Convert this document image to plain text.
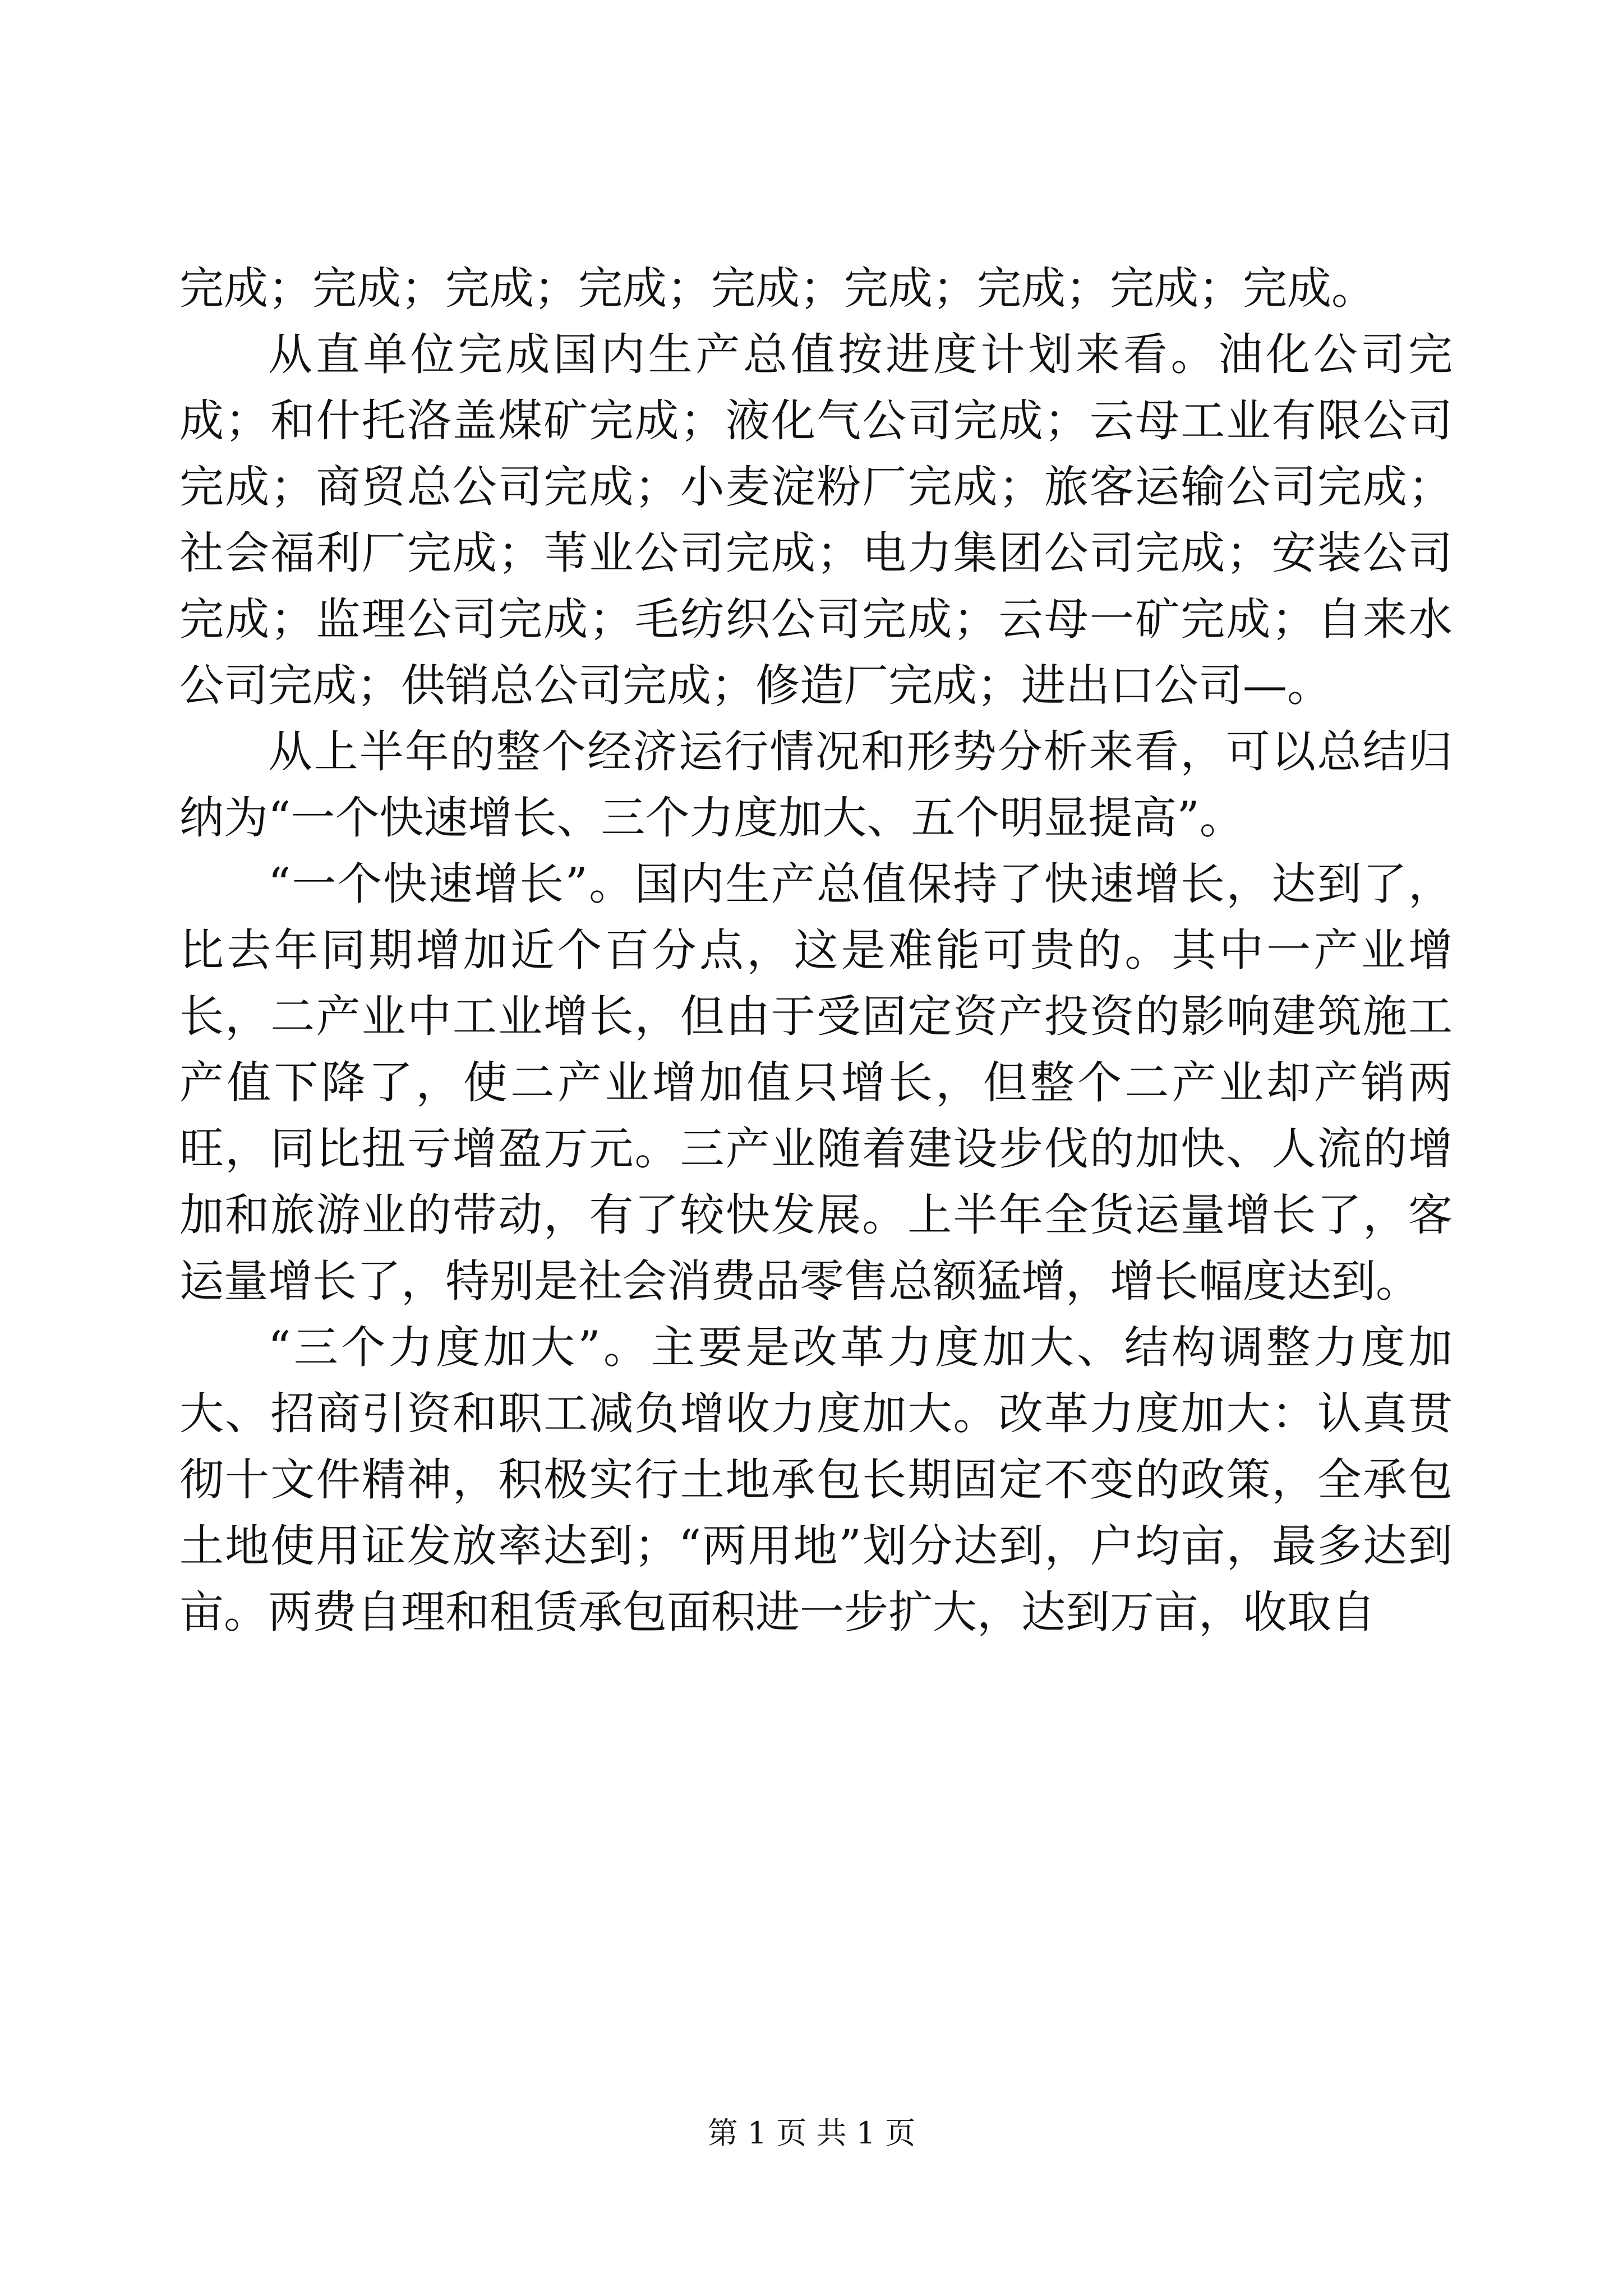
完成；完成；完成；完成；完成；完成；完成；完成；完成。

从直单位完成国内生产总值按进度计划来看。油化公司完成；和什托洛盖煤矿完成；液化气公司完成；云母工业有限公司完成；商贸总公司完成；小麦淀粉厂完成；旅客运输公司完成；社会福利厂完成；苇业公司完成；电力集团公司完成；安装公司完成；监理公司完成；毛纺织公司完成；云母一矿完成；自来水公司完成；供销总公司完成；修造厂完成；进出口公司—。

从上半年的整个经济运行情况和形势分析来看，可以总结归纳为“一个快速增长、三个力度加大、五个明显提高”。

“一个快速增长”。国内生产总值保持了快速增长，达到了，比去年同期增加近个百分点，这是难能可贵的。其中一产业增长，二产业中工业增长，但由于受固定资产投资的影响建筑施工产值下降了，使二产业增加值只增长，但整个二产业却产销两旺，同比扭亏增盈万元。三产业随着建设步伐的加快、人流的增加和旅游业的带动，有了较快发展。上半年全货运量增长了，客运量增长了，特别是社会消费品零售总额猛增，增长幅度达到。

“三个力度加大”。主要是改革力度加大、结构调整力度加大、招商引资和职工减负增收力度加大。改革力度加大：认真贯彻十文件精神，积极实行土地承包长期固定不变的政策，全承包土地使用证发放率达到；“两用地”划分达到，户均亩，最多达到亩。两费自理和租赁承包面积进一步扩大，达到万亩，收取自

第 1 页 共 1 页
